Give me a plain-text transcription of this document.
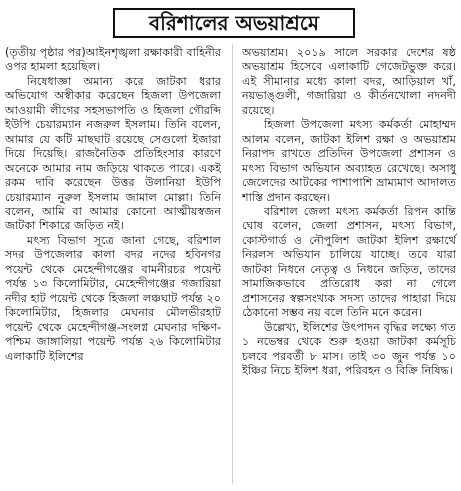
বরিশালের অভয়াশ্রমে

(তৃতীয় পৃষ্ঠার পর)আইনশৃঙ্খলা রক্ষাকারী বাহিনীর ওপর হামলা হয়েছিল।

নিষেধাজ্ঞা অমান্য করে জাটকা ধরার অভিযোগ অস্বীকার করেছেন হিজলা উপজেলা আওয়ামী লীগের সহসভাপতি ও হিজলা গৌরব্দি ইউপি চেয়ারম্যান নজরুল ইসলাম। তিনি বলেন, আমার যে কটি মাছঘাট রয়েছে সেগুলো ইজারা দিয়ে দিয়েছি। রাজনৈতিক প্রতিহিংসার কারণে অনেকে আমার নাম জড়িয়ে থাকতে পারে। একই রকম দাবি করেছেন উত্তর উলানিয়া ইউপি চেয়ারম্যান নুরুল ইসলাম জামাল মোল্লা। তিনি বলেন, আমি বা আমার কোনো আত্মীয়স্বজন জাটকা শিকারে জড়িত নই।

মৎস্য বিভাগ সূত্রে জানা গেছে, বরিশাল সদর উপজেলার কালা বদর নদের হবিনগর পয়েন্ট থেকে মেহেন্দীগঞ্জের বামনীরচর পয়েন্ট পর্যন্ত ১৩ কিলোমিটার, মেহেন্দীগঞ্জের গজারিয়া নদীর হাট পয়েন্ট থেকে হিজলা লঞ্চঘাট পর্যন্ত ২০ কিলোমিটার, হিজলার মেঘনার মৌলভীরহাট পয়েন্ট থেকে মেহেন্দীগঞ্জ-সংলগ্ন মেঘনার দক্ষিণ-পশ্চিম জাঙ্গালিয়া পয়েন্ট পর্যন্ত ২৬ কিলোমিটার এলাকাটি ইলিশের

অভয়াশ্রম। ২০১৯ সালে সরকার দেশের ষষ্ঠ অভয়াশ্রম হিসেবে এলাকাটি গেজেটভুক্ত করে। এই সীমানার মধ্যে কালা বদর, আড়িয়াল খাঁ, নয়ভাঙ্গুলী, গজারিয়া ও কীর্তনখোলা নদনদী রয়েছে।

হিজলা উপজেলা মৎস্য কর্মকর্তা মোহাম্মদ আলম বলেন, জাটকা ইলিশ রক্ষা ও অভয়াশ্রম নিরাপদ রাখতে প্রতিদিন উপজেলা প্রশাসন ও মৎস্য বিভাগ অভিযান অব্যাহত রেখেছে। অসাধু জেলেদের আটকের পাশাপাশি ভ্রাম্যমাণ আদালত শাস্তি প্রদান করছেন।

বরিশাল জেলা মৎস্য কর্মকর্তা রিপন কান্তি ঘোষ বলেন, জেলা প্রশাসন, মৎস্য বিভাগ, কোস্টগার্ড ও নৌপুলিশ জাটকা ইলিশ রক্ষার্থে নিরলস অভিযান চালিয়ে যাচ্ছে। তবে যারা জাটকা নিধনে নেতৃত্ব ও নিধনে জড়িত, তাদের সামাজিকভাবে প্রতিরোধ করা না গেলে প্রশাসনের স্বল্পসংখ্যক সদস্য তাদের পাহারা দিয়ে ঠেকানো সম্ভব নয় বলে তিনি মনে করেন।

উল্লেখ্য, ইলিশের উৎপাদন বৃদ্ধির লক্ষ্যে গত ১ নভেম্বর থেকে শুরু হওয়া জাটকা কর্মসূচি চলবে পরবর্তী ৮ মাস। তাই ৩০ জুন পর্যন্ত ১০ ইঞ্চির নিচে ইলিশ ধরা, পরিবহন ও বিক্রি নিষিদ্ধ।
